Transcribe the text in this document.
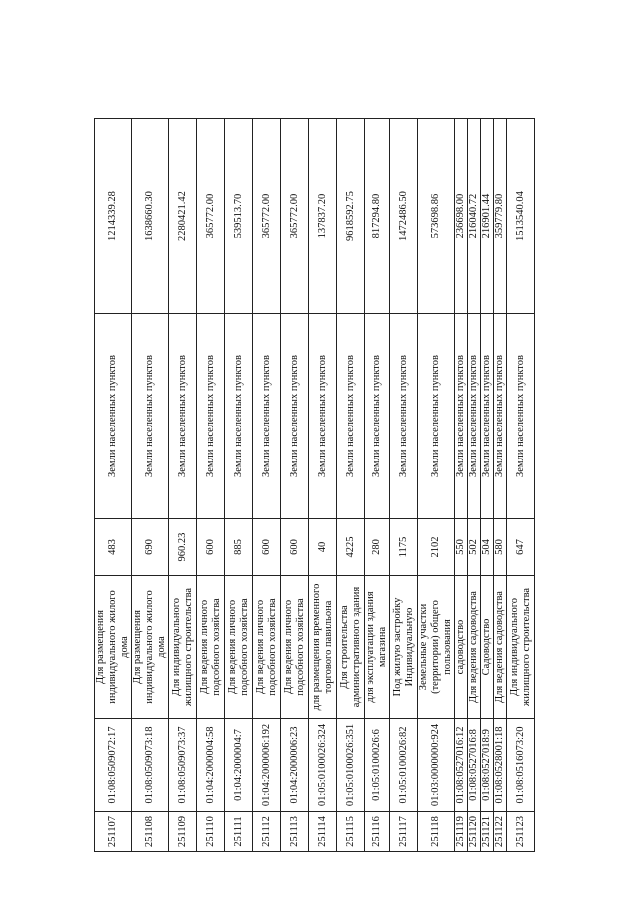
251107	01:08:0509072:17	Для размещения индивидуального жилого дома	483	Земли населенных пунктов	1214339.28
251108	01:08:0509073:18	Для размещения индивидуального жилого дома	690	Земли населенных пунктов	1638660.30
251109	01:08:0509073:37	Для индивидуального жилищного строительства	960.23	Земли населенных пунктов	2280421.42
251110	01:04:2000004:58	Для ведения личного подсобного хозяйства	600	Земли населенных пунктов	365772.00
251111	01:04:2000004:7	Для ведения личного подсобного хозяйства	885	Земли населенных пунктов	539513.70
251112	01:04:2000006:192	Для ведения личного подсобного хозяйства	600	Земли населенных пунктов	365772.00
251113	01:04:2000006:23	Для ведения личного подсобного хозяйства	600	Земли населенных пунктов	365772.00
251114	01:05:0100026:324	для размещения временного торгового павильона	40	Земли населенных пунктов	137837.20
251115	01:05:0100026:351	Для строительства административного здания	4225	Земли населенных пунктов	9618592.75
251116	01:05:0100026:6	для эксплуатации здания магазина	280	Земли населенных пунктов	817294.80
251117	01:05:0100026:82	Под жилую застройку Индивидуальную	1175	Земли населенных пунктов	1472486.50
251118	01:03:0000000:924	Земельные участки (территории) общего пользования	2102	Земли населенных пунктов	573698.86
251119	01:08:0527016:12	садоводство	550	Земли населенных пунктов	236698.00
251120	01:08:0527016:8	Для ведения садоводства	502	Земли населенных пунктов	216040.72
251121	01:08:0527018:9	Садоводство	504	Земли населенных пунктов	216901.44
251122	01:08:0528001:18	Для ведения садоводства	580	Земли населенных пунктов	359779.80
251123	01:08:0516073:20	Для индивидуального жилищного строительства	647	Земли населенных пунктов	1513540.04
